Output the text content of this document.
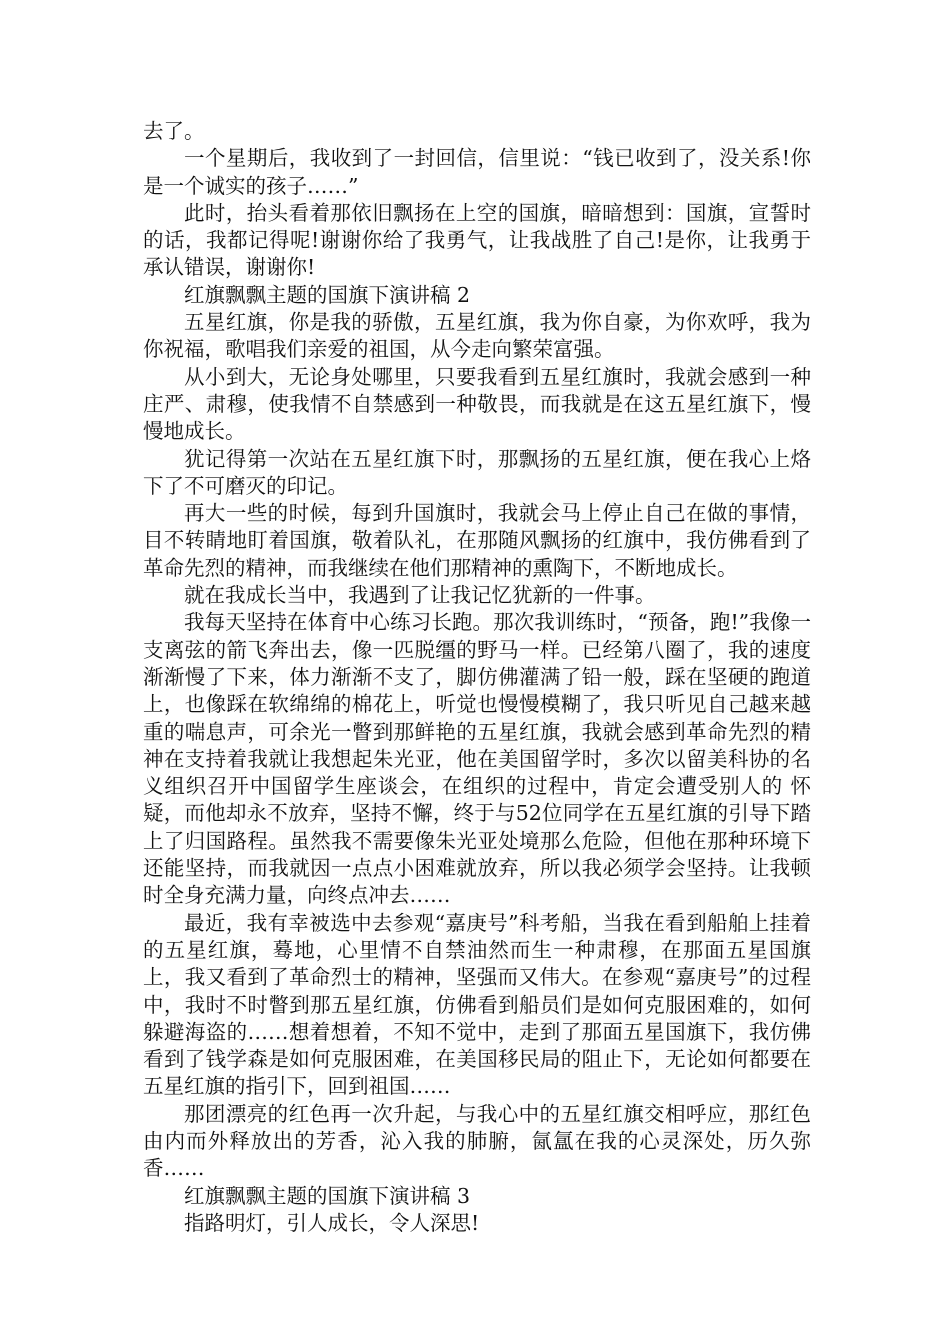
去了。

一个星期后，我收到了一封回信，信里说：“钱已收到了，没关系!你是一个诚实的孩子……”

此时，抬头看着那依旧飘扬在上空的国旗，暗暗想到：国旗，宣誓时的话，我都记得呢!谢谢你给了我勇气，让我战胜了自己!是你，让我勇于承认错误，谢谢你!

红旗飘飘主题的国旗下演讲稿 2

五星红旗，你是我的骄傲，五星红旗，我为你自豪，为你欢呼，我为你祝福，歌唱我们亲爱的祖国，从今走向繁荣富强。

从小到大，无论身处哪里，只要我看到五星红旗时，我就会感到一种庄严、肃穆，使我情不自禁感到一种敬畏，而我就是在这五星红旗下，慢慢地成长。

犹记得第一次站在五星红旗下时，那飘扬的五星红旗，便在我心上烙下了不可磨灭的印记。

再大一些的时候，每到升国旗时，我就会马上停止自己在做的事情，目不转睛地盯着国旗，敬着队礼，在那随风飘扬的红旗中，我仿佛看到了革命先烈的精神，而我继续在他们那精神的熏陶下，不断地成长。

就在我成长当中，我遇到了让我记忆犹新的一件事。

我每天坚持在体育中心练习长跑。那次我训练时，“预备，跑!”我像一支离弦的箭飞奔出去，像一匹脱缰的野马一样。已经第八圈了，我的速度渐渐慢了下来，体力渐渐不支了，脚仿佛灌满了铅一般，踩在坚硬的跑道上，也像踩在软绵绵的棉花上，听觉也慢慢模糊了，我只听见自己越来越重的喘息声，可余光一瞥到那鲜艳的五星红旗，我就会感到革命先烈的精神在支持着我就让我想起朱光亚，他在美国留学时，多次以留美科协的名义组织召开中国留学生座谈会，在组织的过程中，肯定会遭受别人的 怀疑，而他却永不放弃，坚持不懈，终于与52位同学在五星红旗的引导下踏上了归国路程。虽然我不需要像朱光亚处境那么危险，但他在那种环境下还能坚持，而我就因一点点小困难就放弃，所以我必须学会坚持。让我顿时全身充满力量，向终点冲去……

最近，我有幸被选中去参观“嘉庚号”科考船，当我在看到船舶上挂着的五星红旗，蓦地，心里情不自禁油然而生一种肃穆，在那面五星国旗上，我又看到了革命烈士的精神，坚强而又伟大。在参观“嘉庚号”的过程中，我时不时瞥到那五星红旗，仿佛看到船员们是如何克服困难的，如何躲避海盗的……想着想着，不知不觉中，走到了那面五星国旗下，我仿佛看到了钱学森是如何克服困难，在美国移民局的阻止下，无论如何都要在五星红旗的指引下，回到祖国……

那团漂亮的红色再一次升起，与我心中的五星红旗交相呼应，那红色由内而外释放出的芳香，沁入我的肺腑，氤氲在我的心灵深处，历久弥香……

红旗飘飘主题的国旗下演讲稿 3

指路明灯，引人成长，令人深思!
